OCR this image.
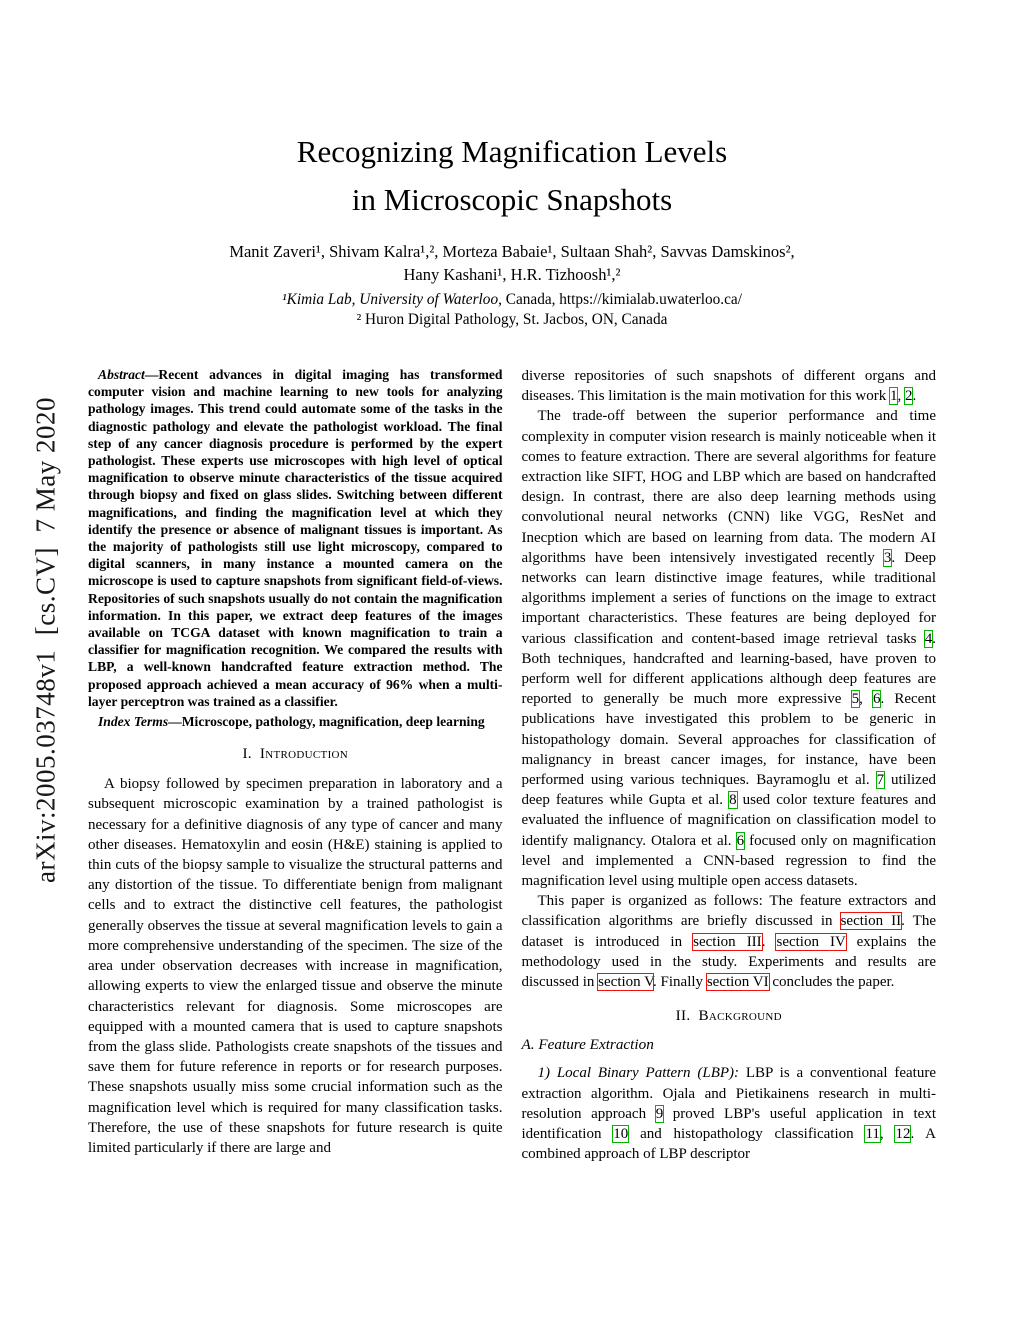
arXiv:2005.03748v1  [cs.CV]  7 May 2020
Recognizing Magnification Levels
in Microscopic Snapshots
Manit Zaveri¹, Shivam Kalra¹,², Morteza Babaie¹, Sultaan Shah², Savvas Damskinos²,
Hany Kashani¹, H.R. Tizhoosh¹,²
¹Kimia Lab, University of Waterloo, Canada, https://kimialab.uwaterloo.ca/
² Huron Digital Pathology, St. Jacbos, ON, Canada

Abstract—Recent advances in digital imaging has transformed computer vision and machine learning to new tools for analyzing pathology images. This trend could automate some of the tasks in the diagnostic pathology and elevate the pathologist workload. The final step of any cancer diagnosis procedure is performed by the expert pathologist. These experts use microscopes with high level of optical magnification to observe minute characteristics of the tissue acquired through biopsy and fixed on glass slides. Switching between different magnifications, and finding the magnification level at which they identify the presence or absence of malignant tissues is important. As the majority of pathologists still use light microscopy, compared to digital scanners, in many instance a mounted camera on the microscope is used to capture snapshots from significant field-of-views. Repositories of such snapshots usually do not contain the magnification information. In this paper, we extract deep features of the images available on TCGA dataset with known magnification to train a classifier for magnification recognition. We compared the results with LBP, a well-known handcrafted feature extraction method. The proposed approach achieved a mean accuracy of 96% when a multi-layer perceptron was trained as a classifier.

Index Terms—Microscope, pathology, magnification, deep learning

I. Introduction

A biopsy followed by specimen preparation in laboratory and a subsequent microscopic examination by a trained pathologist is necessary for a definitive diagnosis of any type of cancer and many other diseases. Hematoxylin and eosin (H&E) staining is applied to thin cuts of the biopsy sample to visualize the structural patterns and any distortion of the tissue. To differentiate benign from malignant cells and to extract the distinctive cell features, the pathologist generally observes the tissue at several magnification levels to gain a more comprehensive understanding of the specimen. The size of the area under observation decreases with increase in magnification, allowing experts to view the enlarged tissue and observe the minute characteristics relevant for diagnosis. Some microscopes are equipped with a mounted camera that is used to capture snapshots from the glass slide. Pathologists create snapshots of the tissues and save them for future reference in reports or for research purposes. These snapshots usually miss some crucial information such as the magnification level which is required for many classification tasks. Therefore, the use of these snapshots for future research is quite limited particularly if there are large and

diverse repositories of such snapshots of different organs and diseases. This limitation is the main motivation for this work 1, 2.

The trade-off between the superior performance and time complexity in computer vision research is mainly noticeable when it comes to feature extraction. There are several algorithms for feature extraction like SIFT, HOG and LBP which are based on handcrafted design. In contrast, there are also deep learning methods using convolutional neural networks (CNN) like VGG, ResNet and Inecption which are based on learning from data. The modern AI algorithms have been intensively investigated recently 3. Deep networks can learn distinctive image features, while traditional algorithms implement a series of functions on the image to extract important characteristics. These features are being deployed for various classification and content-based image retrieval tasks 4. Both techniques, handcrafted and learning-based, have proven to perform well for different applications although deep features are reported to generally be much more expressive 5, 6. Recent publications have investigated this problem to be generic in histopathology domain. Several approaches for classification of malignancy in breast cancer images, for instance, have been performed using various techniques. Bayramoglu et al. 7 utilized deep features while Gupta et al. 8 used color texture features and evaluated the influence of magnification on classification model to identify malignancy. Otalora et al. 6 focused only on magnification level and implemented a CNN-based regression to find the magnification level using multiple open access datasets.

This paper is organized as follows: The feature extractors and classification algorithms are briefly discussed in section II. The dataset is introduced in section III. section IV explains the methodology used in the study. Experiments and results are discussed in section V. Finally section VI concludes the paper.

II. Background
A. Feature Extraction

1) Local Binary Pattern (LBP): LBP is a conventional feature extraction algorithm. Ojala and Pietikainens research in multi-resolution approach 9 proved LBP's useful application in text identification 10 and histopathology classification 11, 12. A combined approach of LBP descriptor
